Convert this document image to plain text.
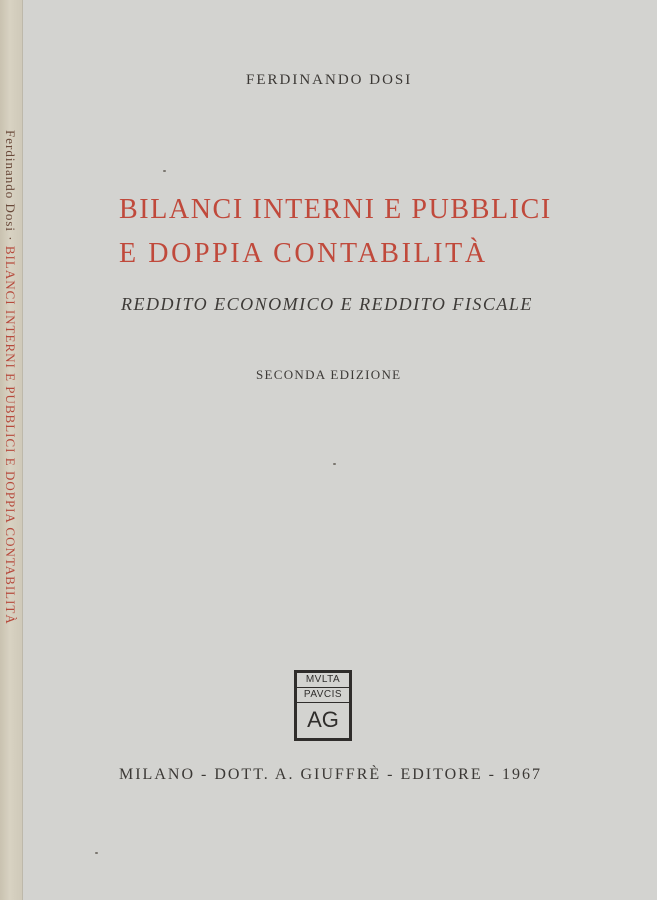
Ferdinando Dosi · BILANCI INTERNI E PUBBLICI E DOPPIA CONTABILITÀ
FERDINANDO DOSI
BILANCI INTERNI E PUBBLICI
E DOPPIA CONTABILITÀ
REDDITO ECONOMICO E REDDITO FISCALE
SECONDA EDIZIONE
MVLTA
PAVCIS
AG
MILANO - DOTT. A. GIUFFRÈ - EDITORE - 1967
